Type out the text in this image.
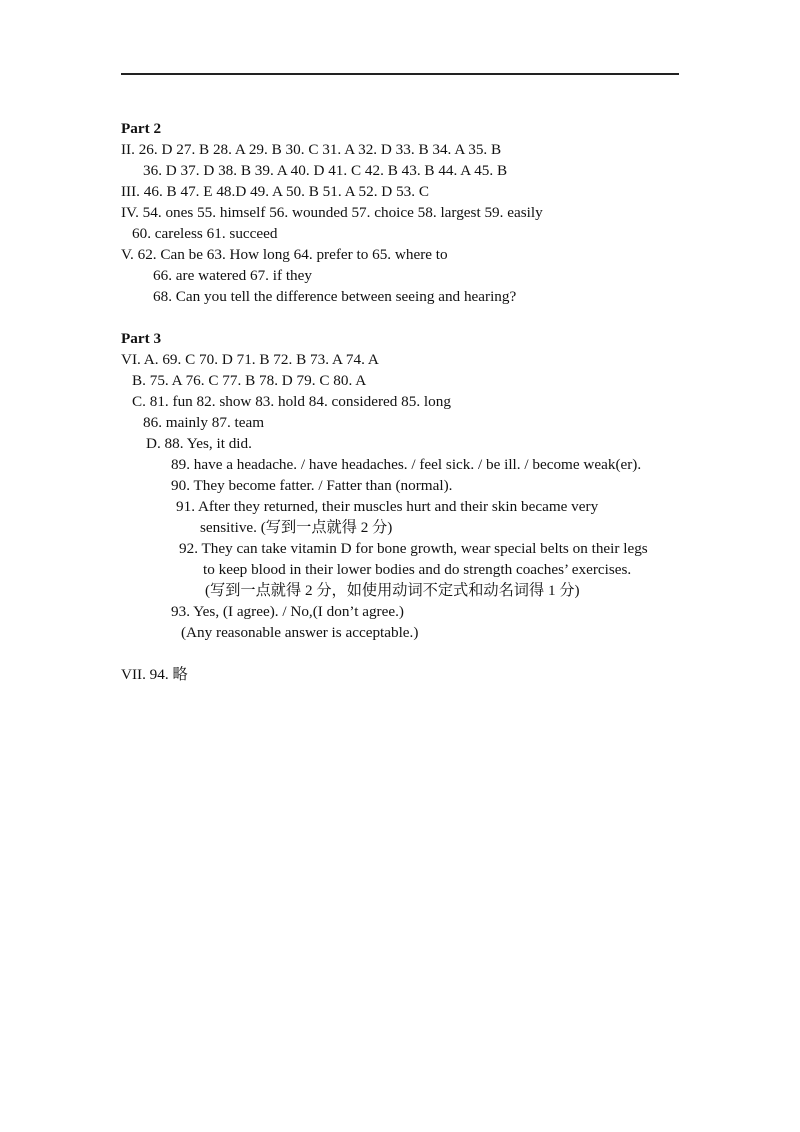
Part 2
II. 26. D 27. B 28. A 29. B 30. C 31. A 32. D 33. B 34. A 35. B
36. D 37. D 38. B 39. A 40. D 41. C 42. B 43. B 44. A 45. B
III. 46. B 47. E 48.D 49. A 50. B 51. A 52. D 53. C
IV. 54. ones 55. himself 56. wounded 57. choice 58. largest 59. easily
60. careless 61. succeed
V. 62. Can be 63. How long 64. prefer to 65. where to
66. are watered 67. if they
68. Can you tell the difference between seeing and hearing?
Part 3
VI. A. 69. C 70. D 71. B 72. B 73. A 74. A
B. 75. A 76. C 77. B 78. D 79. C 80. A
C. 81. fun 82. show 83. hold 84. considered 85. long
86. mainly 87. team
D. 88. Yes, it did.
89. have a headache. / have headaches. / feel sick. / be ill. / become weak(er).
90. They become fatter. / Fatter than (normal).
91. After they returned, their muscles hurt and their skin became very
sensitive. (写到一点就得 2 分)
92. They can take vitamin D for bone growth, wear special belts on their legs
to keep blood in their lower bodies and do strength coaches’ exercises.
(写到一点就得 2 分，如使用动词不定式和动名词得 1 分)
93. Yes, (I agree). / No,(I don’t agree.)
(Any reasonable answer is acceptable.)
VII. 94. 略
